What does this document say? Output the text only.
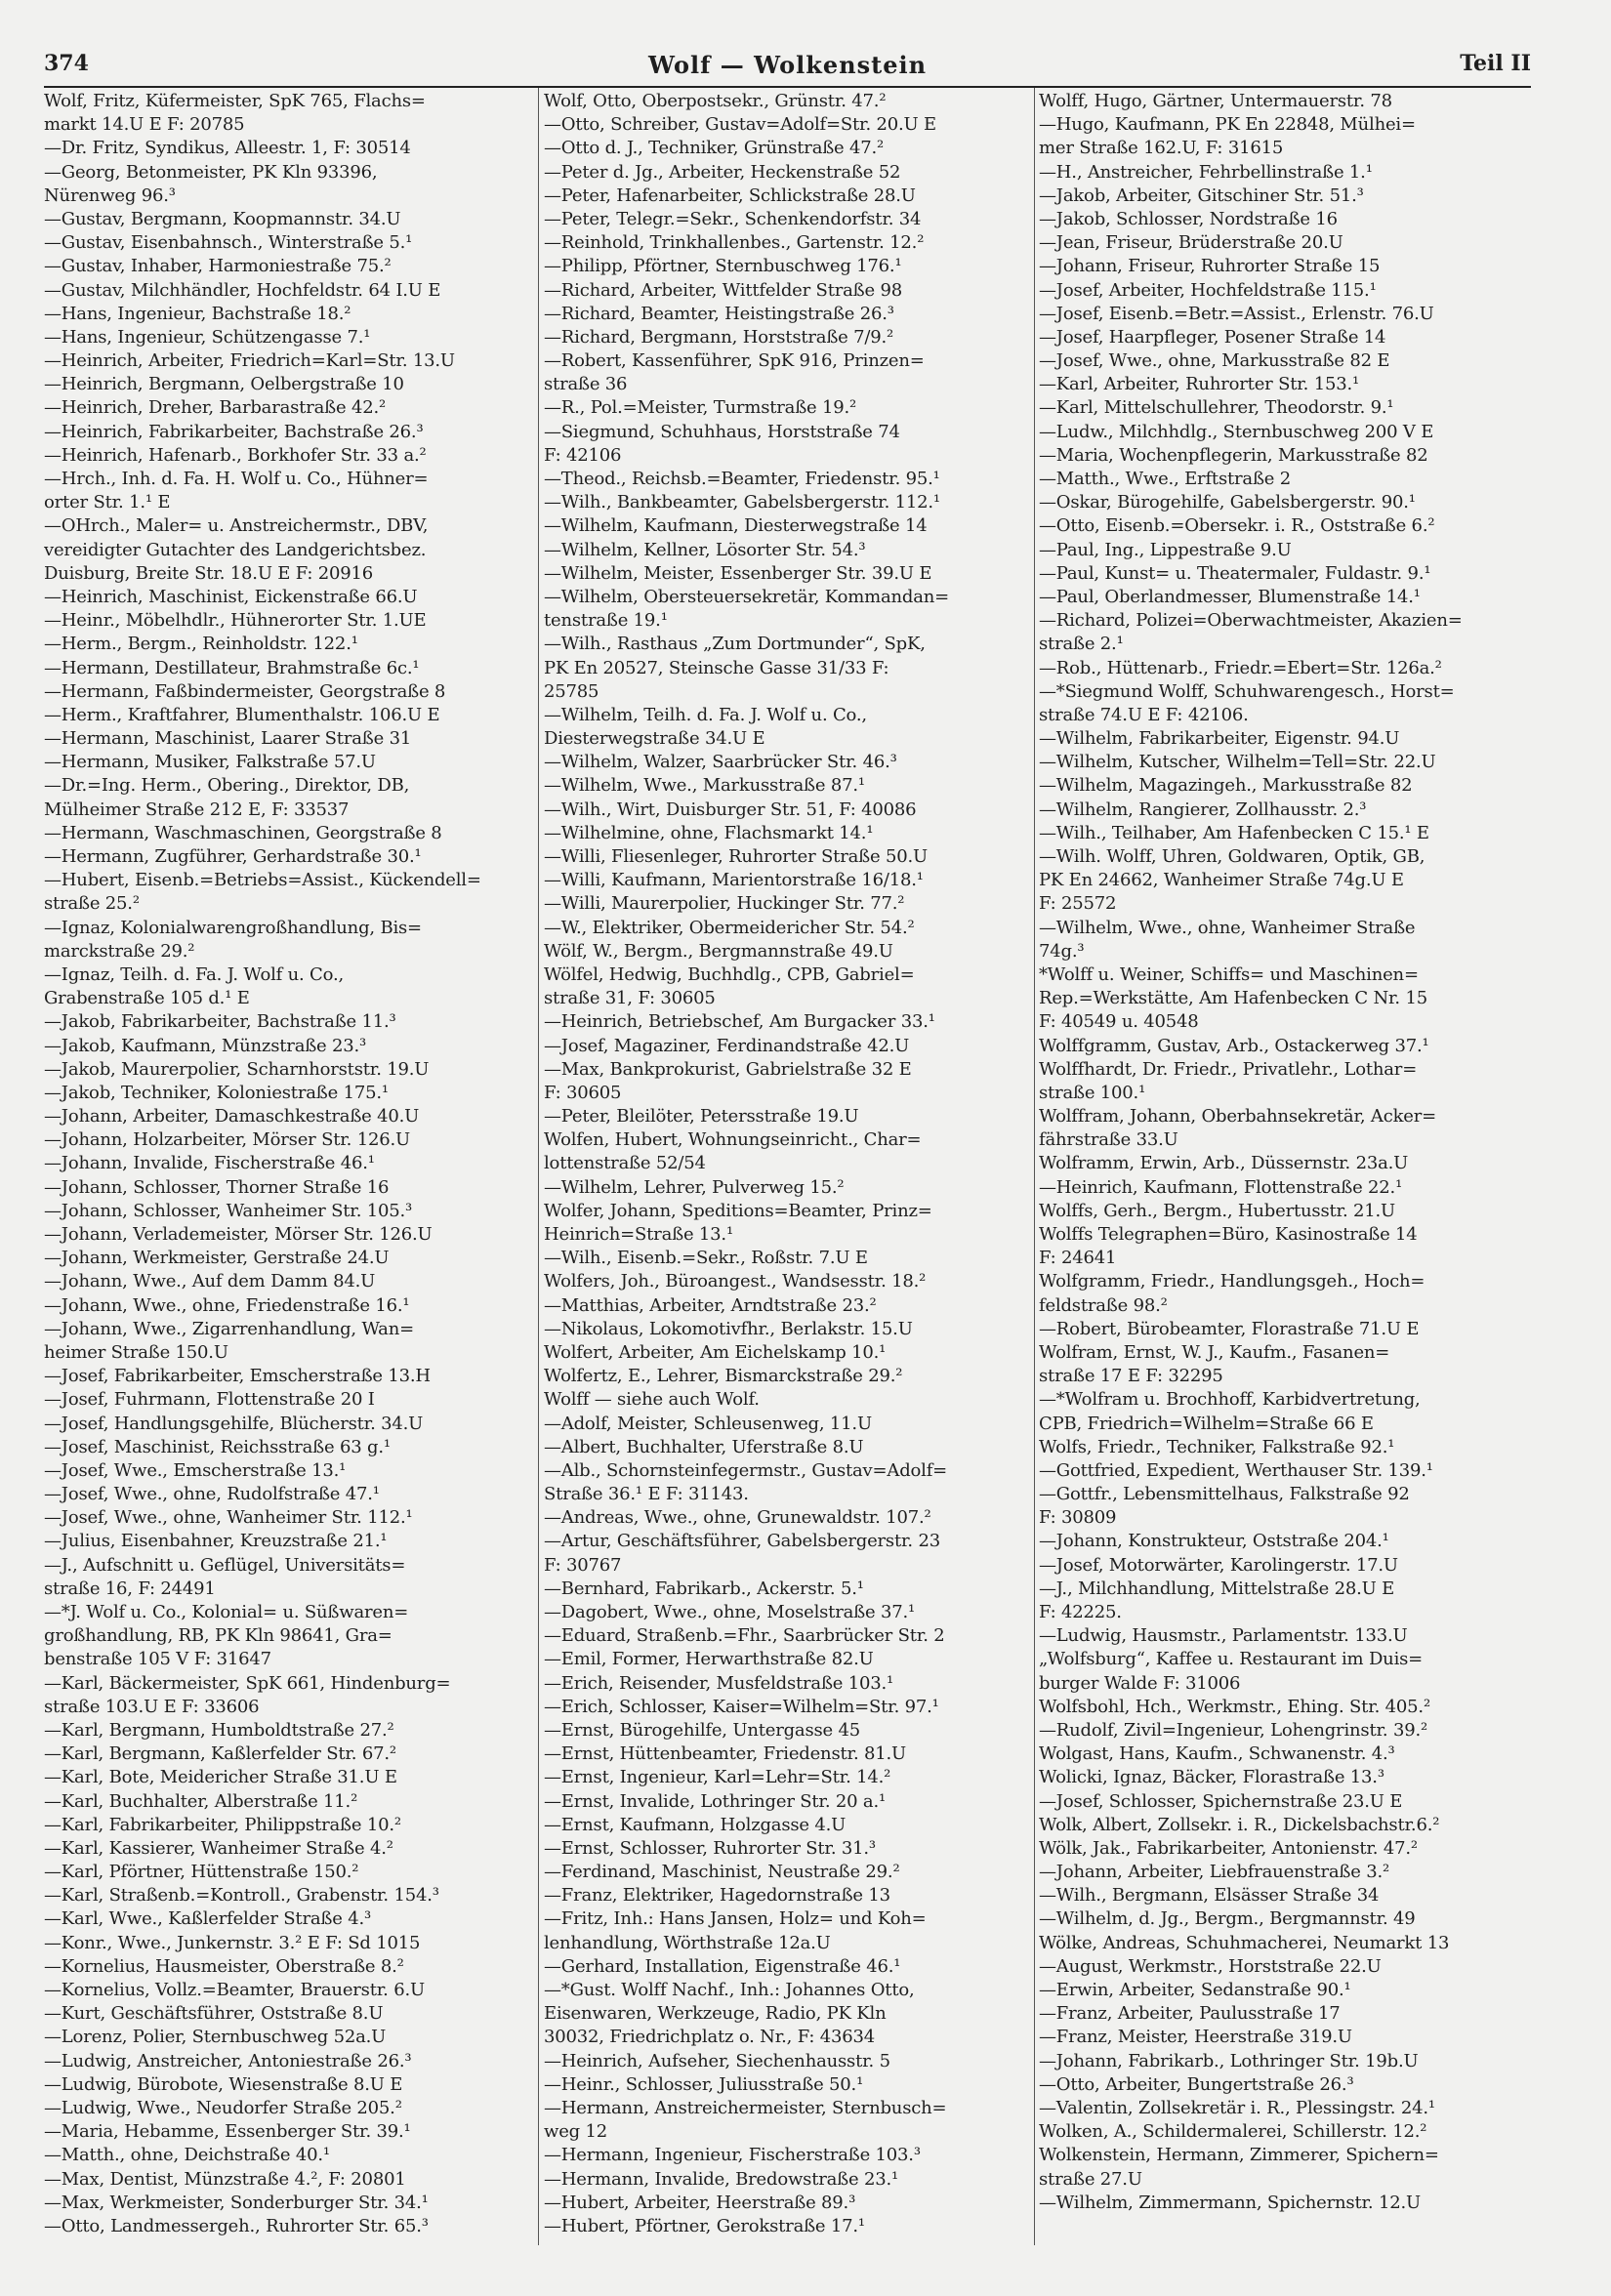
374	Wolf — Wolkenstein	Teil II
Wolf, Fritz, Küfermeister, SpK 765, Flachs=
markt 14.U E F: 20785
—Dr. Fritz, Syndikus, Alleestr. 1, F: 30514
—Georg, Betonmeister, PK Kln 93396,
Nürenweg 96.³
—Gustav, Bergmann, Koopmannstr. 34.U
—Gustav, Eisenbahnsch., Winterstraße 5.¹
—Gustav, Inhaber, Harmoniestraße 75.²
—Gustav, Milchhändler, Hochfeldstr. 64 I.U E
—Hans, Ingenieur, Bachstraße 18.²
—Hans, Ingenieur, Schützengasse 7.¹
—Heinrich, Arbeiter, Friedrich=Karl=Str. 13.U
—Heinrich, Bergmann, Oelbergstraße 10
—Heinrich, Dreher, Barbarastraße 42.²
—Heinrich, Fabrikarbeiter, Bachstraße 26.³
—Heinrich, Hafenarb., Borkhofer Str. 33 a.²
—Hrch., Inh. d. Fa. H. Wolf u. Co., Hühner=
orter Str. 1.¹ E
—OHrch., Maler= u. Anstreichermstr., DBV,
vereidigter Gutachter des Landgerichtsbez.
Duisburg, Breite Str. 18.U E F: 20916
—Heinrich, Maschinist, Eickenstraße 66.U
—Heinr., Möbelhdlr., Hühnerorter Str. 1.UE
—Herm., Bergm., Reinholdstr. 122.¹
—Hermann, Destillateur, Brahmstraße 6c.¹
—Hermann, Faßbindermeister, Georgstraße 8
—Herm., Kraftfahrer, Blumenthalstr. 106.U E
—Hermann, Maschinist, Laarer Straße 31
—Hermann, Musiker, Falkstraße 57.U
—Dr.=Ing. Herm., Obering., Direktor, DB,
Mülheimer Straße 212 E, F: 33537
—Hermann, Waschmaschinen, Georgstraße 8
—Hermann, Zugführer, Gerhardstraße 30.¹
—Hubert, Eisenb.=Betriebs=Assist., Kückendell=
straße 25.²
—Ignaz, Kolonialwarengroßhandlung, Bis=
marckstraße 29.²
—Ignaz, Teilh. d. Fa. J. Wolf u. Co.,
Grabenstraße 105 d.¹ E
—Jakob, Fabrikarbeiter, Bachstraße 11.³
—Jakob, Kaufmann, Münzstraße 23.³
—Jakob, Maurerpolier, Scharnhorststr. 19.U
—Jakob, Techniker, Koloniestraße 175.¹
—Johann, Arbeiter, Damaschkestraße 40.U
—Johann, Holzarbeiter, Mörser Str. 126.U
—Johann, Invalide, Fischerstraße 46.¹
—Johann, Schlosser, Thorner Straße 16
—Johann, Schlosser, Wanheimer Str. 105.³
—Johann, Verlademeister, Mörser Str. 126.U
—Johann, Werkmeister, Gerstraße 24.U
—Johann, Wwe., Auf dem Damm 84.U
—Johann, Wwe., ohne, Friedenstraße 16.¹
—Johann, Wwe., Zigarrenhandlung, Wan=
heimer Straße 150.U
—Josef, Fabrikarbeiter, Emscherstraße 13.H
—Josef, Fuhrmann, Flottenstraße 20 I
—Josef, Handlungsgehilfe, Blücherstr. 34.U
—Josef, Maschinist, Reichsstraße 63 g.¹
—Josef, Wwe., Emscherstraße 13.¹
—Josef, Wwe., ohne, Rudolfstraße 47.¹
—Josef, Wwe., ohne, Wanheimer Str. 112.¹
—Julius, Eisenbahner, Kreuzstraße 21.¹
—J., Aufschnitt u. Geflügel, Universitäts=
straße 16, F: 24491
—*J. Wolf u. Co., Kolonial= u. Süßwaren=
großhandlung, RB, PK Kln 98641, Gra=
benstraße 105 V F: 31647
—Karl, Bäckermeister, SpK 661, Hindenburg=
straße 103.U E F: 33606
—Karl, Bergmann, Humboldtstraße 27.²
—Karl, Bergmann, Kaßlerfelder Str. 67.²
—Karl, Bote, Meidericher Straße 31.U E
—Karl, Buchhalter, Alberstraße 11.²
—Karl, Fabrikarbeiter, Philippstraße 10.²
—Karl, Kassierer, Wanheimer Straße 4.²
—Karl, Pförtner, Hüttenstraße 150.²
—Karl, Straßenb.=Kontroll., Grabenstr. 154.³
—Karl, Wwe., Kaßlerfelder Straße 4.³
—Konr., Wwe., Junkernstr. 3.² E F: Sd 1015
—Kornelius, Hausmeister, Oberstraße 8.²
—Kornelius, Vollz.=Beamter, Brauerstr. 6.U
—Kurt, Geschäftsführer, Oststraße 8.U
—Lorenz, Polier, Sternbuschweg 52a.U
—Ludwig, Anstreicher, Antoniestraße 26.³
—Ludwig, Bürobote, Wiesenstraße 8.U E
—Ludwig, Wwe., Neudorfer Straße 205.²
—Maria, Hebamme, Essenberger Str. 39.¹
—Matth., ohne, Deichstraße 40.¹
—Max, Dentist, Münzstraße 4.², F: 20801
—Max, Werkmeister, Sonderburger Str. 34.¹
—Otto, Landmessergeh., Ruhrorter Str. 65.³
Wolf, Otto, Oberpostsekr., Grünstr. 47.²
—Otto, Schreiber, Gustav=Adolf=Str. 20.U E
—Otto d. J., Techniker, Grünstraße 47.²
—Peter d. Jg., Arbeiter, Heckenstraße 52
—Peter, Hafenarbeiter, Schlickstraße 28.U
—Peter, Telegr.=Sekr., Schenkendorfstr. 34
—Reinhold, Trinkhallenbes., Gartenstr. 12.²
—Philipp, Pförtner, Sternbuschweg 176.¹
—Richard, Arbeiter, Wittfelder Straße 98
—Richard, Beamter, Heistingstraße 26.³
—Richard, Bergmann, Horststraße 7/9.²
—Robert, Kassenführer, SpK 916, Prinzen=
straße 36
—R., Pol.=Meister, Turmstraße 19.²
—Siegmund, Schuhhaus, Horststraße 74
F: 42106
—Theod., Reichsb.=Beamter, Friedenstr. 95.¹
—Wilh., Bankbeamter, Gabelsbergerstr. 112.¹
—Wilhelm, Kaufmann, Diesterwegstraße 14
—Wilhelm, Kellner, Lösorter Str. 54.³
—Wilhelm, Meister, Essenberger Str. 39.U E
—Wilhelm, Obersteuersekretär, Kommandan=
tenstraße 19.¹
—Wilh., Rasthaus „Zum Dortmunder“, SpK,
PK En 20527, Steinsche Gasse 31/33 F:
25785
—Wilhelm, Teilh. d. Fa. J. Wolf u. Co.,
Diesterwegstraße 34.U E
—Wilhelm, Walzer, Saarbrücker Str. 46.³
—Wilhelm, Wwe., Markusstraße 87.¹
—Wilh., Wirt, Duisburger Str. 51, F: 40086
—Wilhelmine, ohne, Flachsmarkt 14.¹
—Willi, Fliesenleger, Ruhrorter Straße 50.U
—Willi, Kaufmann, Marientorstraße 16/18.¹
—Willi, Maurerpolier, Huckinger Str. 77.²
—W., Elektriker, Obermeidericher Str. 54.²
Wölf, W., Bergm., Bergmannstraße 49.U
Wölfel, Hedwig, Buchhdlg., CPB, Gabriel=
straße 31, F: 30605
—Heinrich, Betriebschef, Am Burgacker 33.¹
—Josef, Magaziner, Ferdinandstraße 42.U
—Max, Bankprokurist, Gabrielstraße 32 E
F: 30605
—Peter, Bleilöter, Petersstraße 19.U
Wolfen, Hubert, Wohnungseinricht., Char=
lottenstraße 52/54
—Wilhelm, Lehrer, Pulverweg 15.²
Wolfer, Johann, Speditions=Beamter, Prinz=
Heinrich=Straße 13.¹
—Wilh., Eisenb.=Sekr., Roßstr. 7.U E
Wolfers, Joh., Büroangest., Wandsesstr. 18.²
—Matthias, Arbeiter, Arndtstraße 23.²
—Nikolaus, Lokomotivfhr., Berlakstr. 15.U
Wolfert, Arbeiter, Am Eichelskamp 10.¹
Wolfertz, E., Lehrer, Bismarckstraße 29.²
Wolff — siehe auch Wolf.
—Adolf, Meister, Schleusenweg, 11.U
—Albert, Buchhalter, Uferstraße 8.U
—Alb., Schornsteinfegermstr., Gustav=Adolf=
Straße 36.¹ E F: 31143.
—Andreas, Wwe., ohne, Grunewaldstr. 107.²
—Artur, Geschäftsführer, Gabelsbergerstr. 23
F: 30767
—Bernhard, Fabrikarb., Ackerstr. 5.¹
—Dagobert, Wwe., ohne, Moselstraße 37.¹
—Eduard, Straßenb.=Fhr., Saarbrücker Str. 2
—Emil, Former, Herwarthstraße 82.U
—Erich, Reisender, Musfeldstraße 103.¹
—Erich, Schlosser, Kaiser=Wilhelm=Str. 97.¹
—Ernst, Bürogehilfe, Untergasse 45
—Ernst, Hüttenbeamter, Friedenstr. 81.U
—Ernst, Ingenieur, Karl=Lehr=Str. 14.²
—Ernst, Invalide, Lothringer Str. 20 a.¹
—Ernst, Kaufmann, Holzgasse 4.U
—Ernst, Schlosser, Ruhrorter Str. 31.³
—Ferdinand, Maschinist, Neustraße 29.²
—Franz, Elektriker, Hagedornstraße 13
—Fritz, Inh.: Hans Jansen, Holz= und Koh=
lenhandlung, Wörthstraße 12a.U
—Gerhard, Installation, Eigenstraße 46.¹
—*Gust. Wolff Nachf., Inh.: Johannes Otto,
Eisenwaren, Werkzeuge, Radio, PK Kln
30032, Friedrichplatz o. Nr., F: 43634
—Heinrich, Aufseher, Siechenhausstr. 5
—Heinr., Schlosser, Juliusstraße 50.¹
—Hermann, Anstreichermeister, Sternbusch=
weg 12
—Hermann, Ingenieur, Fischerstraße 103.³
—Hermann, Invalide, Bredowstraße 23.¹
—Hubert, Arbeiter, Heerstraße 89.³
—Hubert, Pförtner, Gerokstraße 17.¹
Wolff, Hugo, Gärtner, Untermauerstr. 78
—Hugo, Kaufmann, PK En 22848, Mülhei=
mer Straße 162.U, F: 31615
—H., Anstreicher, Fehrbellinstraße 1.¹
—Jakob, Arbeiter, Gitschiner Str. 51.³
—Jakob, Schlosser, Nordstraße 16
—Jean, Friseur, Brüderstraße 20.U
—Johann, Friseur, Ruhrorter Straße 15
—Josef, Arbeiter, Hochfeldstraße 115.¹
—Josef, Eisenb.=Betr.=Assist., Erlenstr. 76.U
—Josef, Haarpfleger, Posener Straße 14
—Josef, Wwe., ohne, Markusstraße 82 E
—Karl, Arbeiter, Ruhrorter Str. 153.¹
—Karl, Mittelschullehrer, Theodorstr. 9.¹
—Ludw., Milchhdlg., Sternbuschweg 200 V E
—Maria, Wochenpflegerin, Markusstraße 82
—Matth., Wwe., Erftstraße 2
—Oskar, Bürogehilfe, Gabelsbergerstr. 90.¹
—Otto, Eisenb.=Obersekr. i. R., Oststraße 6.²
—Paul, Ing., Lippestraße 9.U
—Paul, Kunst= u. Theatermaler, Fuldastr. 9.¹
—Paul, Oberlandmesser, Blumenstraße 14.¹
—Richard, Polizei=Oberwachtmeister, Akazien=
straße 2.¹
—Rob., Hüttenarb., Friedr.=Ebert=Str. 126a.²
—*Siegmund Wolff, Schuhwarengesch., Horst=
straße 74.U E F: 42106.
—Wilhelm, Fabrikarbeiter, Eigenstr. 94.U
—Wilhelm, Kutscher, Wilhelm=Tell=Str. 22.U
—Wilhelm, Magazingeh., Markusstraße 82
—Wilhelm, Rangierer, Zollhausstr. 2.³
—Wilh., Teilhaber, Am Hafenbecken C 15.¹ E
—Wilh. Wolff, Uhren, Goldwaren, Optik, GB,
PK En 24662, Wanheimer Straße 74g.U E
F: 25572
—Wilhelm, Wwe., ohne, Wanheimer Straße
74g.³
*Wolff u. Weiner, Schiffs= und Maschinen=
Rep.=Werkstätte, Am Hafenbecken C Nr. 15
F: 40549 u. 40548
Wolffgramm, Gustav, Arb., Ostackerweg 37.¹
Wolffhardt, Dr. Friedr., Privatlehr., Lothar=
straße 100.¹
Wolffram, Johann, Oberbahnsekretär, Acker=
fährstraße 33.U
Wolframm, Erwin, Arb., Düssernstr. 23a.U
—Heinrich, Kaufmann, Flottenstraße 22.¹
Wolffs, Gerh., Bergm., Hubertusstr. 21.U
Wolffs Telegraphen=Büro, Kasinostraße 14
F: 24641
Wolfgramm, Friedr., Handlungsgeh., Hoch=
feldstraße 98.²
—Robert, Bürobeamter, Florastraße 71.U E
Wolfram, Ernst, W. J., Kaufm., Fasanen=
straße 17 E F: 32295
—*Wolfram u. Brochhoff, Karbidvertretung,
CPB, Friedrich=Wilhelm=Straße 66 E
Wolfs, Friedr., Techniker, Falkstraße 92.¹
—Gottfried, Expedient, Werthauser Str. 139.¹
—Gottfr., Lebensmittelhaus, Falkstraße 92
F: 30809
—Johann, Konstrukteur, Oststraße 204.¹
—Josef, Motorwärter, Karolingerstr. 17.U
—J., Milchhandlung, Mittelstraße 28.U E
F: 42225.
—Ludwig, Hausmstr., Parlamentstr. 133.U
„Wolfsburg“, Kaffee u. Restaurant im Duis=
burger Walde F: 31006
Wolfsbohl, Hch., Werkmstr., Ehing. Str. 405.²
—Rudolf, Zivil=Ingenieur, Lohengrinstr. 39.²
Wolgast, Hans, Kaufm., Schwanenstr. 4.³
Wolicki, Ignaz, Bäcker, Florastraße 13.³
—Josef, Schlosser, Spichernstraße 23.U E
Wolk, Albert, Zollsekr. i. R., Dickelsbachstr.6.²
Wölk, Jak., Fabrikarbeiter, Antonienstr. 47.²
—Johann, Arbeiter, Liebfrauenstraße 3.²
—Wilh., Bergmann, Elsässer Straße 34
—Wilhelm, d. Jg., Bergm., Bergmannstr. 49
Wölke, Andreas, Schuhmacherei, Neumarkt 13
—August, Werkmstr., Horststraße 22.U
—Erwin, Arbeiter, Sedanstraße 90.¹
—Franz, Arbeiter, Paulusstraße 17
—Franz, Meister, Heerstraße 319.U
—Johann, Fabrikarb., Lothringer Str. 19b.U
—Otto, Arbeiter, Bungertstraße 26.³
—Valentin, Zollsekretär i. R., Plessingstr. 24.¹
Wolken, A., Schildermalerei, Schillerstr. 12.²
Wolkenstein, Hermann, Zimmerer, Spichern=
straße 27.U
—Wilhelm, Zimmermann, Spichernstr. 12.U
